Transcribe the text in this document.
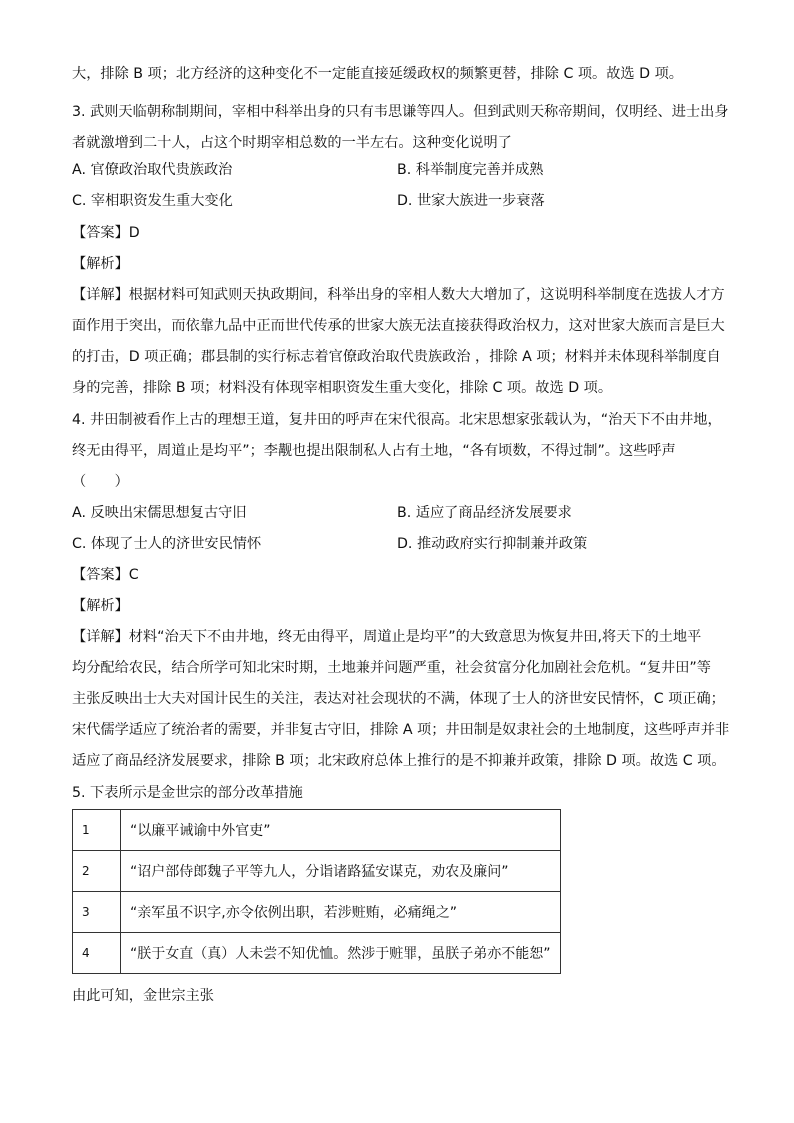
大，排除 B 项；北方经济的这种变化不一定能直接延缓政权的频繁更替，排除 C 项。故选 D 项。
3. 武则天临朝称制期间，宰相中科举出身的只有韦思谦等四人。但到武则天称帝期间，仅明经、进士出身
者就激增到二十人，占这个时期宰相总数的一半左右。这种变化说明了
A. 官僚政治取代贵族政治	B. 科举制度完善并成熟
C. 宰相职资发生重大变化	D. 世家大族进一步衰落
【答案】D
【解析】
【详解】根据材料可知武则天执政期间，科举出身的宰相人数大大增加了，这说明科举制度在选拔人才方
面作用于突出，而依靠九品中正而世代传承的世家大族无法直接获得政治权力，这对世家大族而言是巨大
的打击，D 项正确；郡县制的实行标志着官僚政治取代贵族政治 ，排除 A 项；材料并未体现科举制度自
身的完善，排除 B 项；材料没有体现宰相职资发生重大变化，排除 C 项。故选 D 项。
4. 井田制被看作上古的理想王道，复井田的呼声在宋代很高。北宋思想家张载认为，“治天下不由井地，
终无由得平，周道止是均平”；李觏也提出限制私人占有土地，“各有顷数，不得过制”。这些呼声
（　　）
A. 反映出宋儒思想复古守旧	B. 适应了商品经济发展要求
C. 体现了士人的济世安民情怀	D. 推动政府实行抑制兼并政策
【答案】C
【解析】
【详解】材料“治天下不由井地，终无由得平，周道止是均平”的大致意思为恢复井田,将天下的土地平
均分配给农民，结合所学可知北宋时期，土地兼并问题严重，社会贫富分化加剧社会危机。“复井田”等
主张反映出士大夫对国计民生的关注，表达对社会现状的不满，体现了士人的济世安民情怀，C 项正确；
宋代儒学适应了统治者的需要，并非复古守旧，排除 A 项；井田制是奴隶社会的土地制度，这些呼声并非
适应了商品经济发展要求，排除 B 项；北宋政府总体上推行的是不抑兼并政策，排除 D 项。故选 C 项。
5. 下表所示是金世宗的部分改革措施
1	“以廉平诫谕中外官吏”
2	“诏户部侍郎魏子平等九人，分诣诸路猛安谋克，劝农及廉问”
3	“亲军虽不识字,亦令依例出职，若涉赃贿，必痛绳之”
4	“朕于女直（真）人未尝不知优恤。然涉于赃罪，虽朕子弟亦不能恕”
由此可知，金世宗主张
